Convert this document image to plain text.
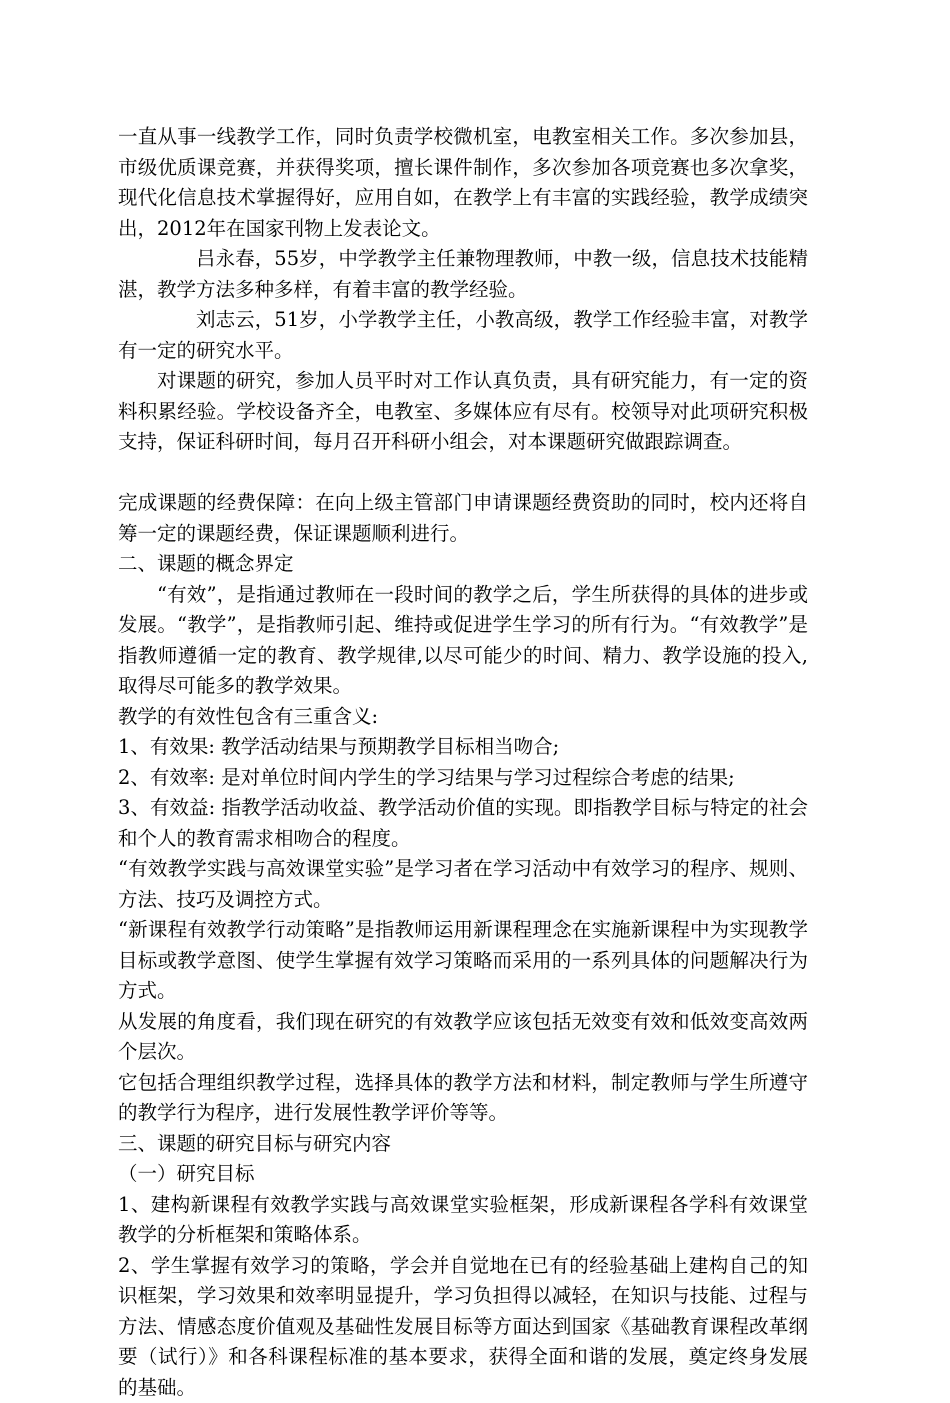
一直从事一线教学工作，同时负责学校微机室，电教室相关工作。多次参加县，市级优质课竞赛，并获得奖项，擅长课件制作，多次参加各项竞赛也多次拿奖，现代化信息技术掌握得好，应用自如，在教学上有丰富的实践经验，教学成绩突出，2012年在国家刊物上发表论文。

吕永春，55岁，中学教学主任兼物理教师，中教一级，信息技术技能精湛，教学方法多种多样，有着丰富的教学经验。

刘志云，51岁，小学教学主任，小教高级，教学工作经验丰富，对教学有一定的研究水平。

对课题的研究，参加人员平时对工作认真负责，具有研究能力，有一定的资料积累经验。学校设备齐全，电教室、多媒体应有尽有。校领导对此项研究积极支持，保证科研时间，每月召开科研小组会，对本课题研究做跟踪调查。

完成课题的经费保障：在向上级主管部门申请课题经费资助的同时，校内还将自筹一定的课题经费，保证课题顺利进行。

二、课题的概念界定

“有效”，是指通过教师在一段时间的教学之后，学生所获得的具体的进步或发展。“教学”，是指教师引起、维持或促进学生学习的所有行为。“有效教学”是指教师遵循一定的教育、教学规律,以尽可能少的时间、精力、教学设施的投入,取得尽可能多的教学效果。

教学的有效性包含有三重含义:

1、有效果: 教学活动结果与预期教学目标相当吻合;

2、有效率: 是对单位时间内学生的学习结果与学习过程综合考虑的结果;

3、有效益: 指教学活动收益、教学活动价值的实现。即指教学目标与特定的社会和个人的教育需求相吻合的程度。

“有效教学实践与高效课堂实验”是学习者在学习活动中有效学习的程序、规则、方法、技巧及调控方式。

“新课程有效教学行动策略”是指教师运用新课程理念在实施新课程中为实现教学目标或教学意图、使学生掌握有效学习策略而采用的一系列具体的问题解决行为方式。

从发展的角度看，我们现在研究的有效教学应该包括无效变有效和低效变高效两个层次。

它包括合理组织教学过程，选择具体的教学方法和材料，制定教师与学生所遵守的教学行为程序，进行发展性教学评价等等。

三、课题的研究目标与研究内容

（一）研究目标

1、建构新课程有效教学实践与高效课堂实验框架，形成新课程各学科有效课堂教学的分析框架和策略体系。

2、学生掌握有效学习的策略，学会并自觉地在已有的经验基础上建构自己的知识框架，学习效果和效率明显提升，学习负担得以减轻，在知识与技能、过程与方法、情感态度价值观及基础性发展目标等方面达到国家《基础教育课程改革纲要（试行）》和各科课程标准的基本要求，获得全面和谐的发展，奠定终身发展的基础。
